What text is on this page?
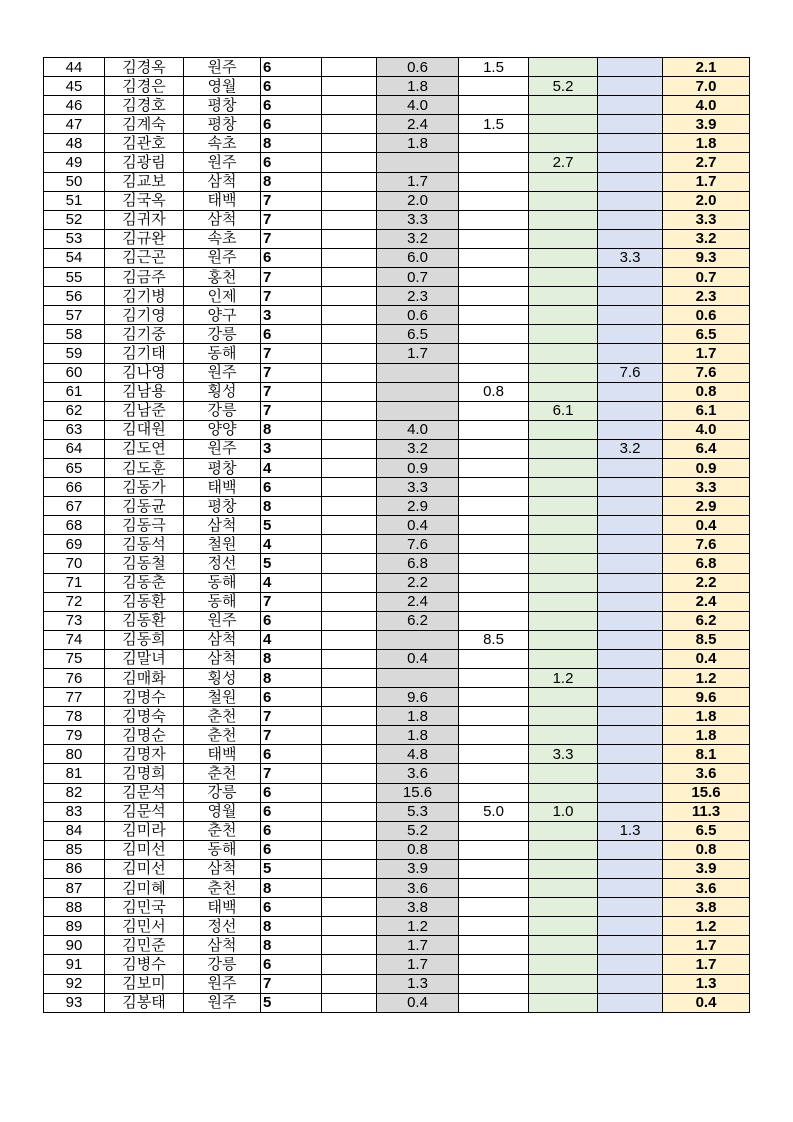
44	김경옥	원주	6		0.6	1.5			2.1
45	김경은	영월	6		1.8		5.2		7.0
46	김경호	평창	6		4.0				4.0
47	김계숙	평창	6		2.4	1.5			3.9
48	김관호	속초	8		1.8				1.8
49	김광림	원주	6				2.7		2.7
50	김교보	삼척	8		1.7				1.7
51	김국옥	태백	7		2.0				2.0
52	김귀자	삼척	7		3.3				3.3
53	김규완	속초	7		3.2				3.2
54	김근곤	원주	6		6.0			3.3	9.3
55	김금주	홍천	7		0.7				0.7
56	김기병	인제	7		2.3				2.3
57	김기영	양구	3		0.6				0.6
58	김기중	강릉	6		6.5				6.5
59	김기태	동해	7		1.7				1.7
60	김나영	원주	7					7.6	7.6
61	김남용	횡성	7			0.8			0.8
62	김남준	강릉	7				6.1		6.1
63	김대원	양양	8		4.0				4.0
64	김도연	원주	3		3.2			3.2	6.4
65	김도훈	평창	4		0.9				0.9
66	김동가	태백	6		3.3				3.3
67	김동균	평창	8		2.9				2.9
68	김동극	삼척	5		0.4				0.4
69	김동석	철원	4		7.6				7.6
70	김동철	정선	5		6.8				6.8
71	김동춘	동해	4		2.2				2.2
72	김동환	동해	7		2.4				2.4
73	김동환	원주	6		6.2				6.2
74	김동희	삼척	4			8.5			8.5
75	김말녀	삼척	8		0.4				0.4
76	김매화	횡성	8				1.2		1.2
77	김명수	철원	6		9.6				9.6
78	김명숙	춘천	7		1.8				1.8
79	김명순	춘천	7		1.8				1.8
80	김명자	태백	6		4.8		3.3		8.1
81	김명희	춘천	7		3.6				3.6
82	김문석	강릉	6		15.6				15.6
83	김문석	영월	6		5.3	5.0	1.0		11.3
84	김미라	춘천	6		5.2			1.3	6.5
85	김미선	동해	6		0.8				0.8
86	김미선	삼척	5		3.9				3.9
87	김미혜	춘천	8		3.6				3.6
88	김민국	태백	6		3.8				3.8
89	김민서	정선	8		1.2				1.2
90	김민준	삼척	8		1.7				1.7
91	김병수	강릉	6		1.7				1.7
92	김보미	원주	7		1.3				1.3
93	김봉태	원주	5		0.4				0.4
